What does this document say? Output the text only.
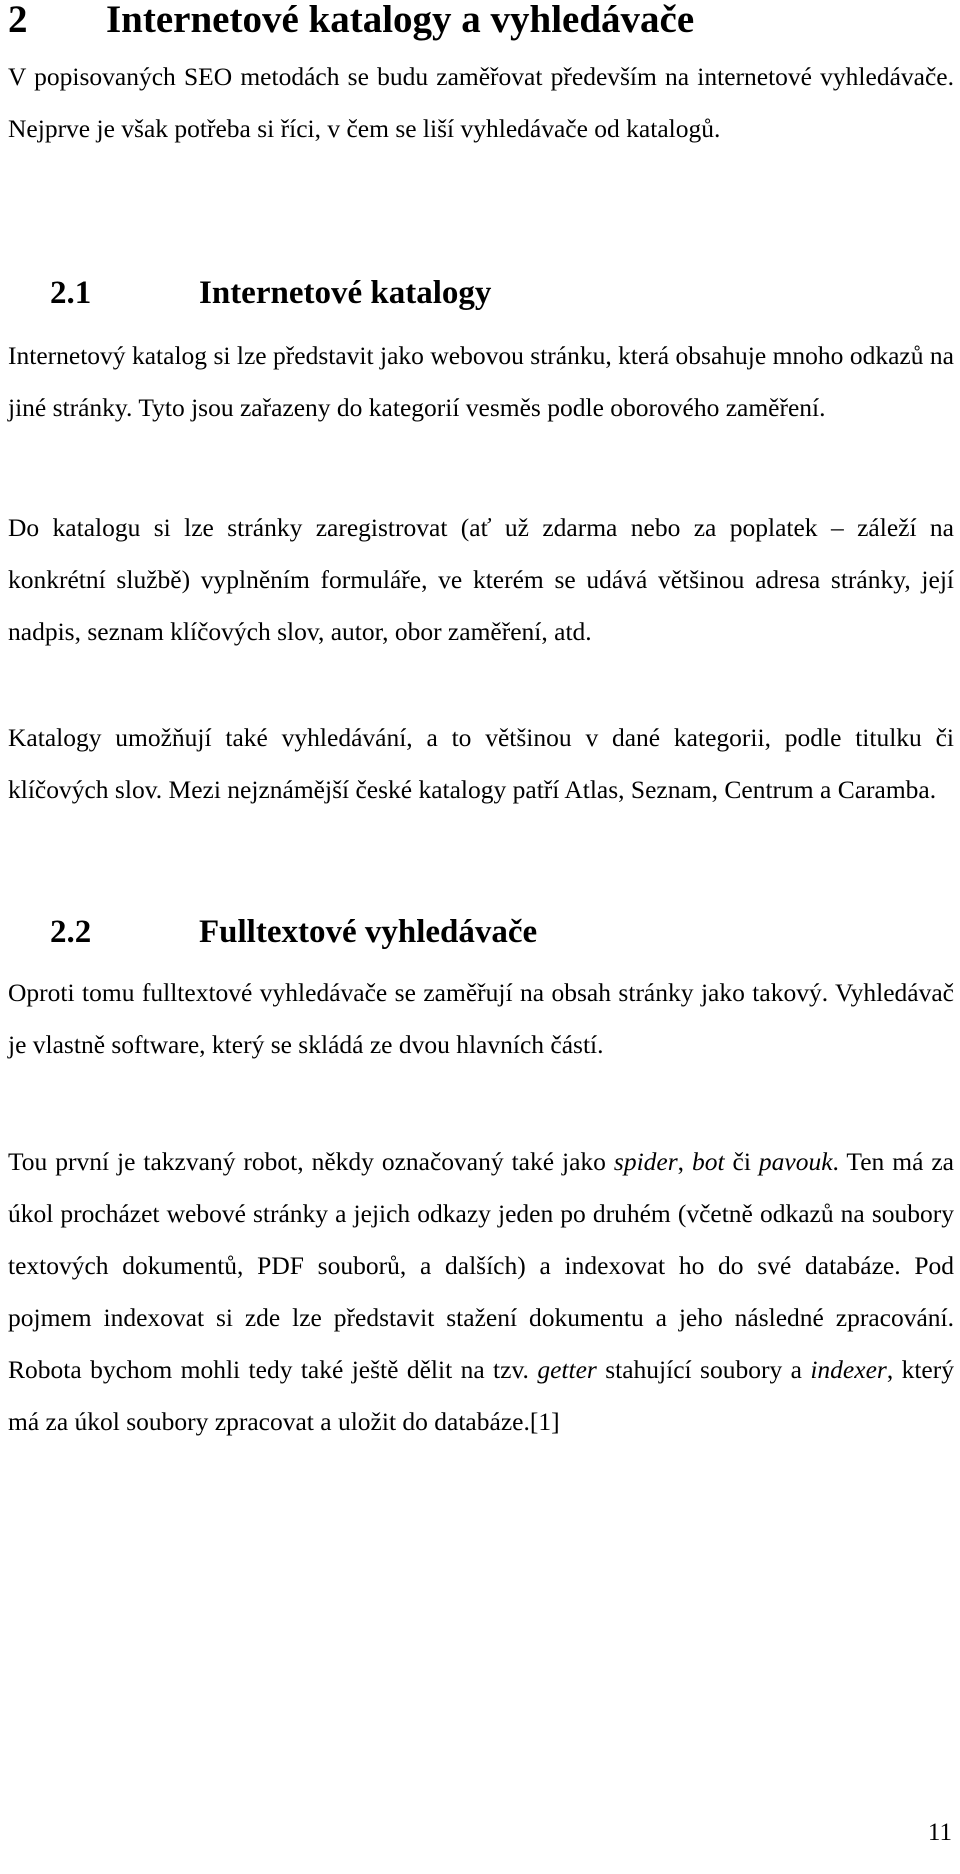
2 Internetové katalogy a vyhledávače

V popisovaných SEO metodách se budu zaměřovat především na internetové vyhledávače. Nejprve je však potřeba si říci, v čem se liší vyhledávače od katalogů.

2.1	Internetové katalogy

Internetový katalog si lze představit jako webovou stránku, která obsahuje mnoho odkazů na jiné stránky. Tyto jsou zařazeny do kategorií vesměs podle oborového zaměření.

Do katalogu si lze stránky zaregistrovat (ať už zdarma nebo za poplatek – záleží na konkrétní službě) vyplněním formuláře, ve kterém se udává většinou adresa stránky, její nadpis, seznam klíčových slov, autor, obor zaměření, atd.

Katalogy umožňují také vyhledávání, a to většinou v dané kategorii, podle titulku či klíčových slov. Mezi nejznámější české katalogy patří Atlas, Seznam, Centrum a Caramba.

2.2	Fulltextové vyhledávače

Oproti tomu fulltextové vyhledávače se zaměřují na obsah stránky jako takový. Vyhledávač je vlastně software, který se skládá ze dvou hlavních částí.

Tou první je takzvaný robot, někdy označovaný také jako spider, bot či pavouk. Ten má za úkol procházet webové stránky a jejich odkazy jeden po druhém (včetně odkazů na soubory textových dokumentů, PDF souborů, a dalších) a indexovat ho do své databáze. Pod pojmem indexovat si zde lze představit stažení dokumentu a jeho následné zpracování. Robota bychom mohli tedy také ještě dělit na tzv. getter stahující soubory a indexer, který má za úkol soubory zpracovat a uložit do databáze.[1]

11
